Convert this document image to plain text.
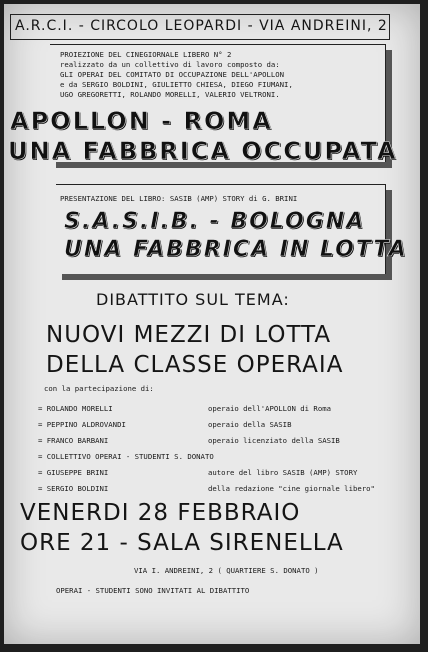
A.R.C.I. - CIRCOLO LEOPARDI - VIA ANDREINI, 2
PROIEZIONE DEL CINEGIORNALE LIBERO N° 2
realizzato da un collettivo di lavoro composto da:
GLI OPERAI DEL COMITATO DI OCCUPAZIONE DELL'APOLLON
e da SERGIO BOLDINI, GIULIETTO CHIESA, DIEGO FIUMANI,
UGO GREGORETTI, ROLANDO MORELLI, VALERIO VELTRONI.
APOLLON - ROMA
UNA FABBRICA OCCUPATA
PRESENTAZIONE DEL LIBRO: SASIB (AMP) STORY di G. BRINI
S.A.S.I.B. - BOLOGNA
UNA FABBRICA IN LOTTA
DIBATTITO SUL TEMA:
NUOVI MEZZI DI LOTTA
DELLA CLASSE OPERAIA
con la partecipazione di:
= ROLANDO MORELLI	operaio dell'APOLLON di Roma
= PEPPINO ALDROVANDI	operaio della SASIB
= FRANCO BARBANI	operaio licenziato della SASIB
= COLLETTIVO OPERAI - STUDENTI S. DONATO
= GIUSEPPE BRINI	autore del libro SASIB (AMP) STORY
= SERGIO BOLDINI	della redazione "cine giornale libero"
VENERDI 28 FEBBRAIO
ORE 21 - SALA SIRENELLA
VIA I. ANDREINI, 2 ( QUARTIERE S. DONATO )
OPERAI - STUDENTI SONO INVITATI AL DIBATTITO
